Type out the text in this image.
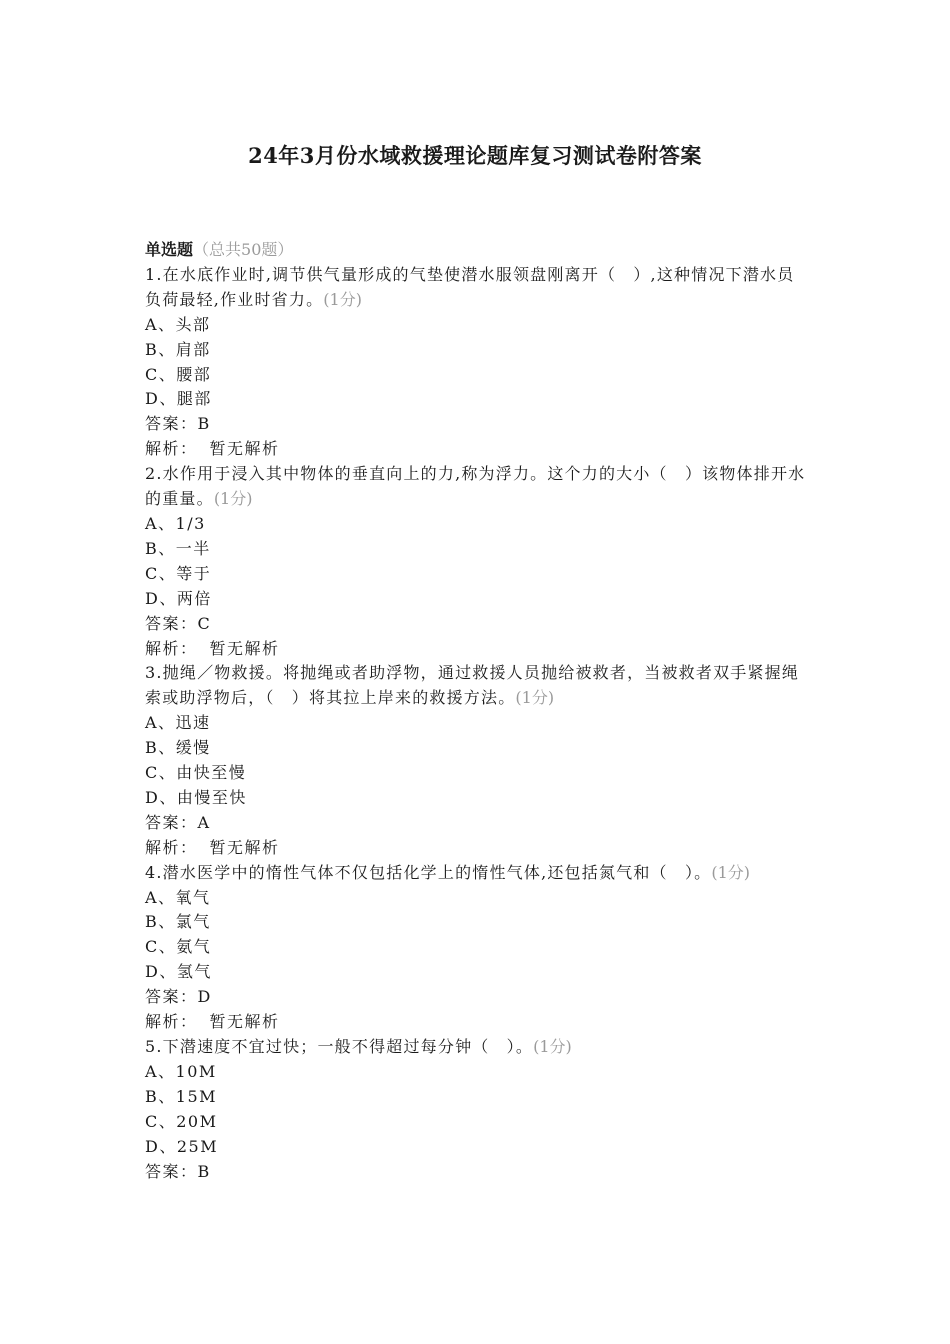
24年3月份水域救援理论题库复习测试卷附答案
单选题（总共50题）
1.在水底作业时,调节供气量形成的气垫使潜水服领盘刚离开（　）,这种情况下潜水员负荷最轻,作业时省力。(1分)
A、头部
B、肩部
C、腰部
D、腿部
答案：B
解析： 暂无解析
2.水作用于浸入其中物体的垂直向上的力,称为浮力。这个力的大小（　）该物体排开水的重量。(1分)
A、1/3
B、一半
C、等于
D、两倍
答案：C
解析： 暂无解析
3.抛绳／物救援。将抛绳或者助浮物，通过救援人员抛给被救者，当被救者双手紧握绳索或助浮物后，（　）将其拉上岸来的救援方法。(1分)
A、迅速
B、缓慢
C、由快至慢
D、由慢至快
答案：A
解析： 暂无解析
4.潜水医学中的惰性气体不仅包括化学上的惰性气体,还包括氮气和（　）。(1分)
A、氧气
B、氯气
C、氨气
D、氢气
答案：D
解析： 暂无解析
5.下潜速度不宜过快；一般不得超过每分钟（　）。(1分)
A、10M
B、15M
C、20M
D、25M
答案：B
